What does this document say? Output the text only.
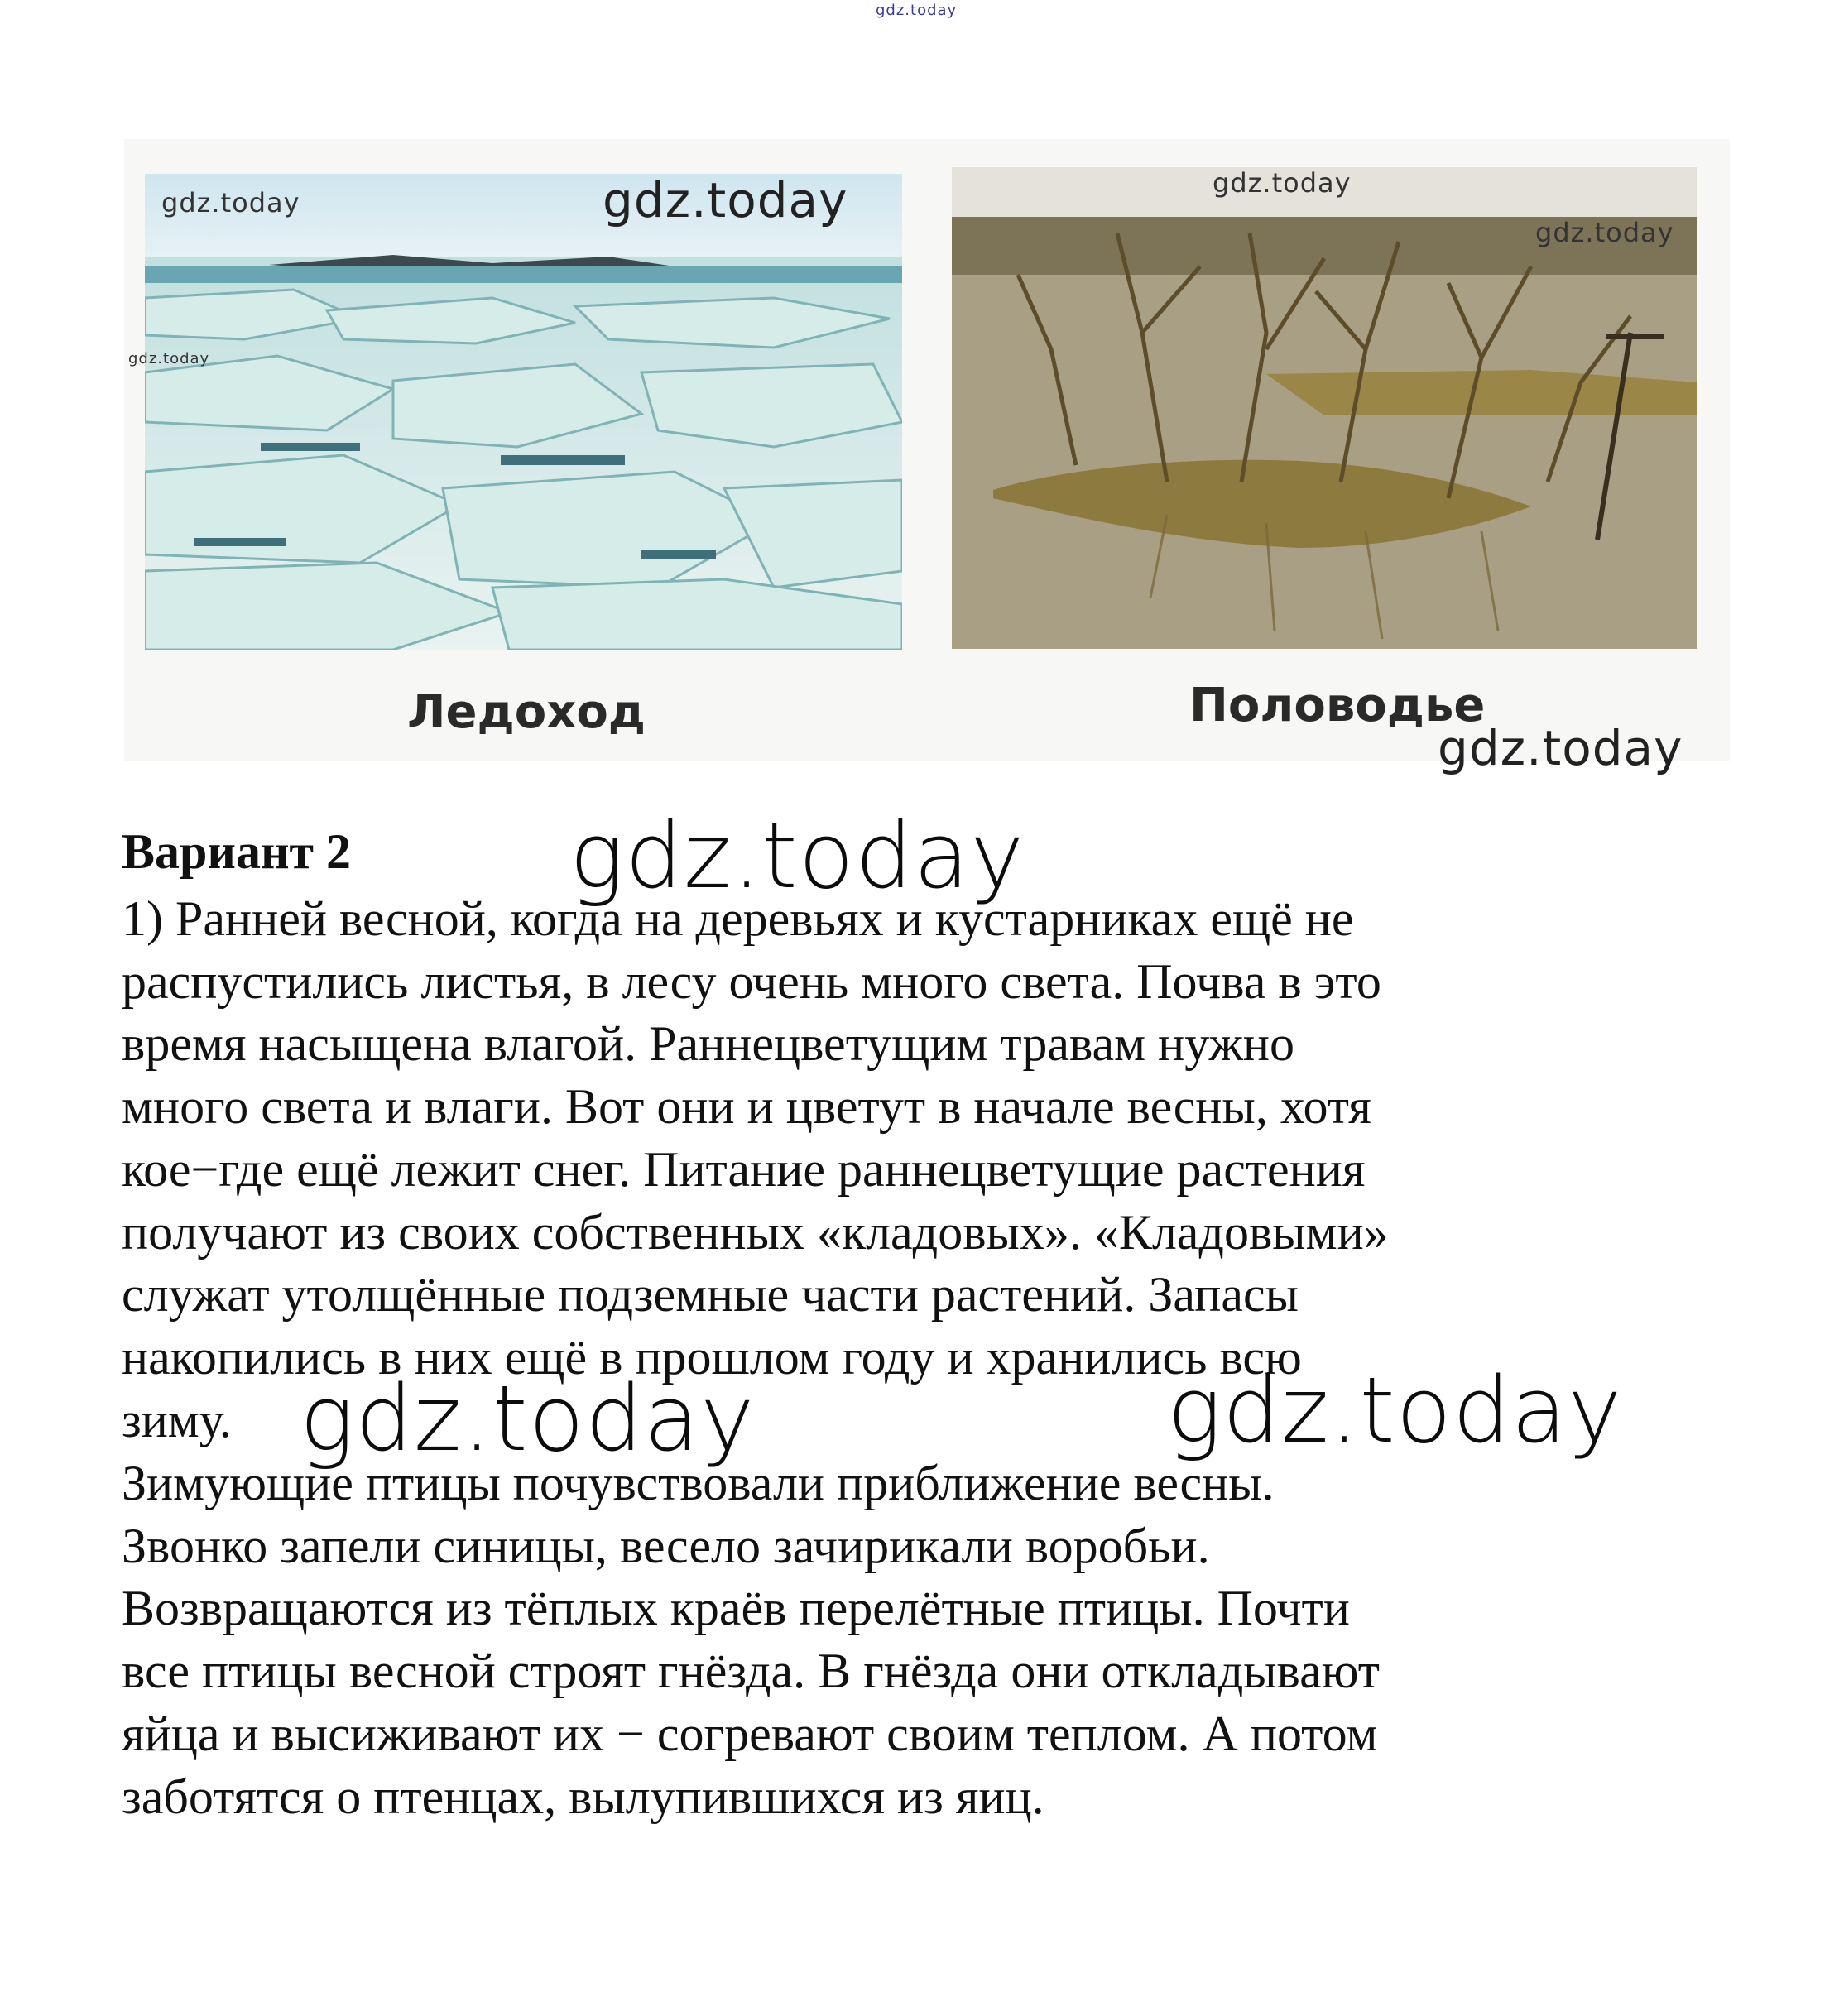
gdz.today
gdz.today	gdz.today
gdz.today
gdz.today
gdz.today
Ледоход	Половодье
gdz.today
Вариант 2 gdz.today
1) Ранней весной, когда на деревьях и кустарниках ещё не
распустились листья, в лесу очень много света. Почва в это
время насыщена влагой. Раннецветущим травам нужно
много света и влаги. Вот они и цветут в начале весны, хотя
кое−где ещё лежит снег. Питание раннецветущие растения
получают из своих собственных «кладовых». «Кладовыми»
служат утолщённые подземные части растений. Запасы
накопились в них ещё в прошлом году и хранились всю
зиму.
Зимующие птицы почувствовали приближение весны.
Звонко запели синицы, весело зачирикали воробьи.
Возвращаются из тёплых краёв перелётные птицы. Почти
все птицы весной строят гнёзда. В гнёзда они откладывают
яйца и высиживают их − согревают своим теплом. А потом
заботятся о птенцах, вылупившихся из яиц.
gdz.today	gdz.today
